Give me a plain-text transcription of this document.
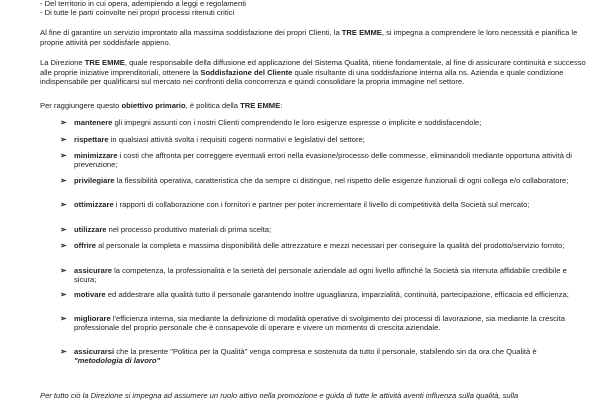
- Del territorio in cui opera, adempiendo a leggi e regolamenti
- Di tutte le parti coinvolte nei propri processi ritenuti critici

Al fine di garantire un servizio improntato alla massima soddisfazione dei propri Clienti, la TRE EMME, si impegna a comprendere le loro necessità e pianifica le proprie attività per soddisfarle appieno.

La Direzione TRE EMME, quale responsabile della diffusione ed applicazione del Sistema Qualità, ritiene fondamentale, al fine di assicurare continuità e successo alle proprie iniziative imprenditoriali, ottenere la Soddisfazione del Cliente quale risultante di una soddisfazione interna alla ns. Azienda e quale condizione indispensabile per qualificarsi sul mercato nei confronti della concorrenza e quindi consolidare la propria immagine nel settore.

Per raggiungere questo obiettivo primario, è politica della TRE EMME:

➢ mantenere gli impegni assunti con i nostri Clienti comprendendo le loro esigenze espresse o implicite e soddisfacendole;
➢ rispettare in qualsiasi attività svolta i requisiti cogenti normativi e legislativi del settore;
➢ minimizzare i costi che affronta per correggere eventuali errori nella evasione/processo delle commesse, eliminandoli mediante opportuna attività di prevenzione;
➢ privilegiare la flessibilità operativa, caratteristica che da sempre ci distingue, nel rispetto delle esigenze funzionali di ogni collega e/o collaboratore;
➢ ottimizzare i rapporti di collaborazione con i fornitori e partner per poter incrementare il livello di competitività della Società sul mercato;
➢ utilizzare nel processo produttivo materiali di prima scelta;
➢ offrire al personale la completa e massima disponibilità delle attrezzature e mezzi necessari per conseguire la qualità del prodotto/servizio fornito;
➢ assicurare la competenza, la professionalità e la serietà del personale aziendale ad ogni livello affinché la Società sia ritenuta affidabile credibile e sicura;
➢ motivare ed addestrare alla qualità tutto il personale garantendo inoltre uguaglianza, imparzialità, continuità, partecipazione, efficacia ed efficienza;
➢ migliorare l'efficienza interna, sia mediante la definizione di modalità operative di svolgimento dei processi di lavorazione, sia mediante la crescita professionale del proprio personale che è consapevole di operare e vivere un momento di crescita aziendale.
➢ assicurarsi che la presente "Politica per la Qualità" venga compresa e sostenuta da tutto il personale, stabilendo sin da ora che Qualità è "metodologia di lavoro"
Per tutto ciò la Direzione si impegna ad assumere un ruolo attivo nella promozione e guida di tutte le attività aventi influenza sulla qualità, sulla
